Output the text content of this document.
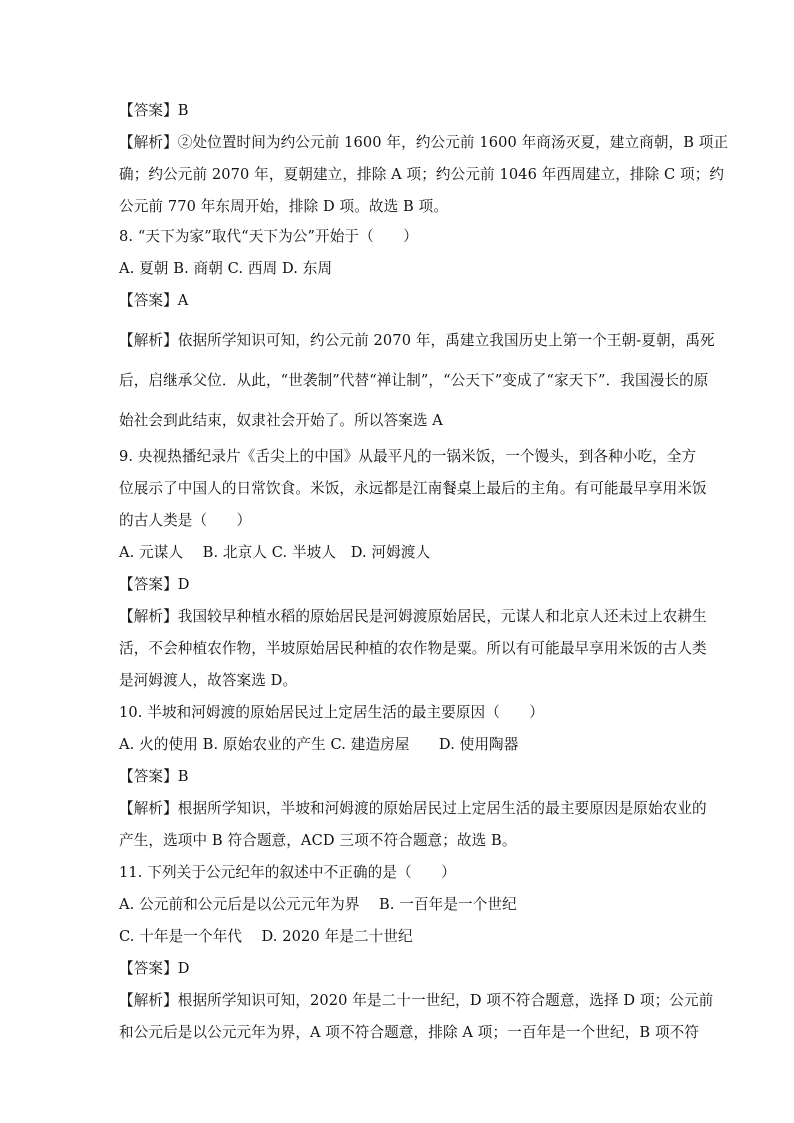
【答案】B
【解析】②处位置时间为约公元前 1600 年，约公元前 1600 年商汤灭夏，建立商朝，B 项正
确；约公元前 2070 年，夏朝建立，排除 A 项；约公元前 1046 年西周建立，排除 C 项；约
公元前 770 年东周开始，排除 D 项。故选 B 项。
8. “天下为家”取代“天下为公”开始于（　　）
A. 夏朝 B. 商朝 C. 西周 D. 东周
【答案】A
【解析】依据所学知识可知，约公元前 2070 年，禹建立我国历史上第一个王朝-夏朝，禹死
后，启继承父位．从此，“世袭制”代替“禅让制”，“公天下”变成了“家天下”．我国漫长的原
始社会到此结束，奴隶社会开始了。所以答案选 A
9. 央视热播纪录片《舌尖上的中国》从最平凡的一锅米饭，一个馒头，到各种小吃，全方
位展示了中国人的日常饮食。米饭，永远都是江南餐桌上最后的主角。有可能最早享用米饭
的古人类是（　　）
A. 元谋人　 B. 北京人 C. 半坡人　D. 河姆渡人
【答案】D
【解析】我国较早种植水稻的原始居民是河姆渡原始居民，元谋人和北京人还未过上农耕生
活，不会种植农作物，半坡原始居民种植的农作物是粟。所以有可能最早享用米饭的古人类
是河姆渡人，故答案选 D。
10. 半坡和河姆渡的原始居民过上定居生活的最主要原因（　　）
A. 火的使用 B. 原始农业的产生 C. 建造房屋　　D. 使用陶器
【答案】B
【解析】根据所学知识，半坡和河姆渡的原始居民过上定居生活的最主要原因是原始农业的
产生，选项中 B 符合题意，ACD 三项不符合题意；故选 B。
11. 下列关于公元纪年的叙述中不正确的是（　　）
A. 公元前和公元后是以公元元年为界　 B. 一百年是一个世纪
C. 十年是一个年代　 D. 2020 年是二十世纪
【答案】D
【解析】根据所学知识可知，2020 年是二十一世纪，D 项不符合题意，选择 D 项；公元前
和公元后是以公元元年为界，A 项不符合题意，排除 A 项；一百年是一个世纪，B 项不符
